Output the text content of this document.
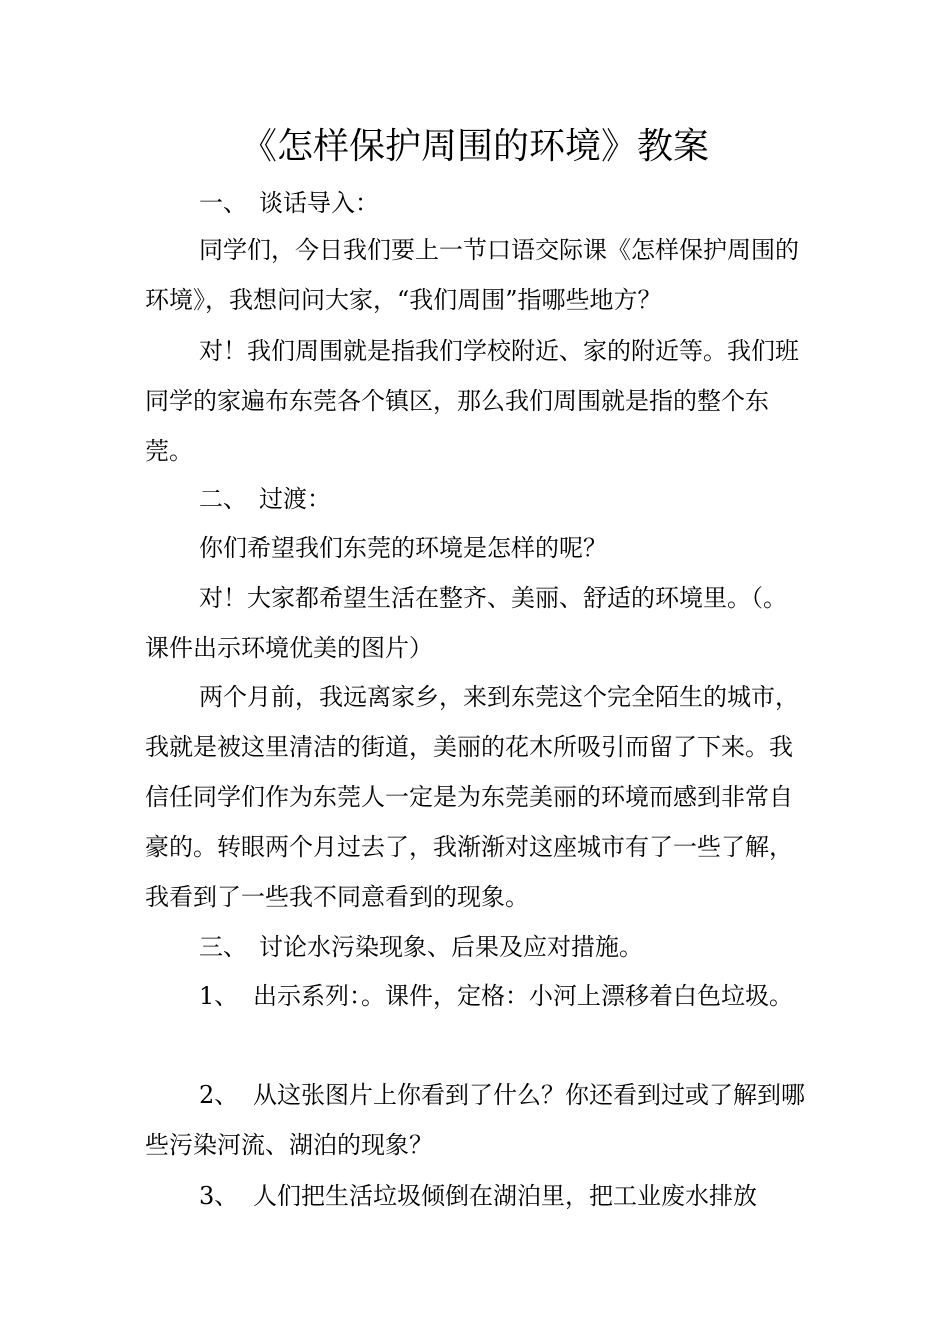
《怎样保护周围的环境》教案
一、 谈话导入：

同学们，今日我们要上一节口语交际课《怎样保护周围的环境》，我想问问大家，“我们周围”指哪些地方？

对！我们周围就是指我们学校附近、家的附近等。我们班同学的家遍布东莞各个镇区，那么我们周围就是指的整个东莞。

二、 过渡：

你们希望我们东莞的环境是怎样的呢？

对！大家都希望生活在整齐、美丽、舒适的环境里。（。课件出示环境优美的图片）

两个月前，我远离家乡，来到东莞这个完全陌生的城市，我就是被这里清洁的街道，美丽的花木所吸引而留了下来。我信任同学们作为东莞人一定是为东莞美丽的环境而感到非常自豪的。转眼两个月过去了，我渐渐对这座城市有了一些了解，我看到了一些我不同意看到的现象。

三、 讨论水污染现象、后果及应对措施。

1、 出示系列：。课件，定格：小河上漂移着白色垃圾。

2、 从这张图片上你看到了什么？你还看到过或了解到哪些污染河流、湖泊的现象？

3、 人们把生活垃圾倾倒在湖泊里，把工业废水排放
